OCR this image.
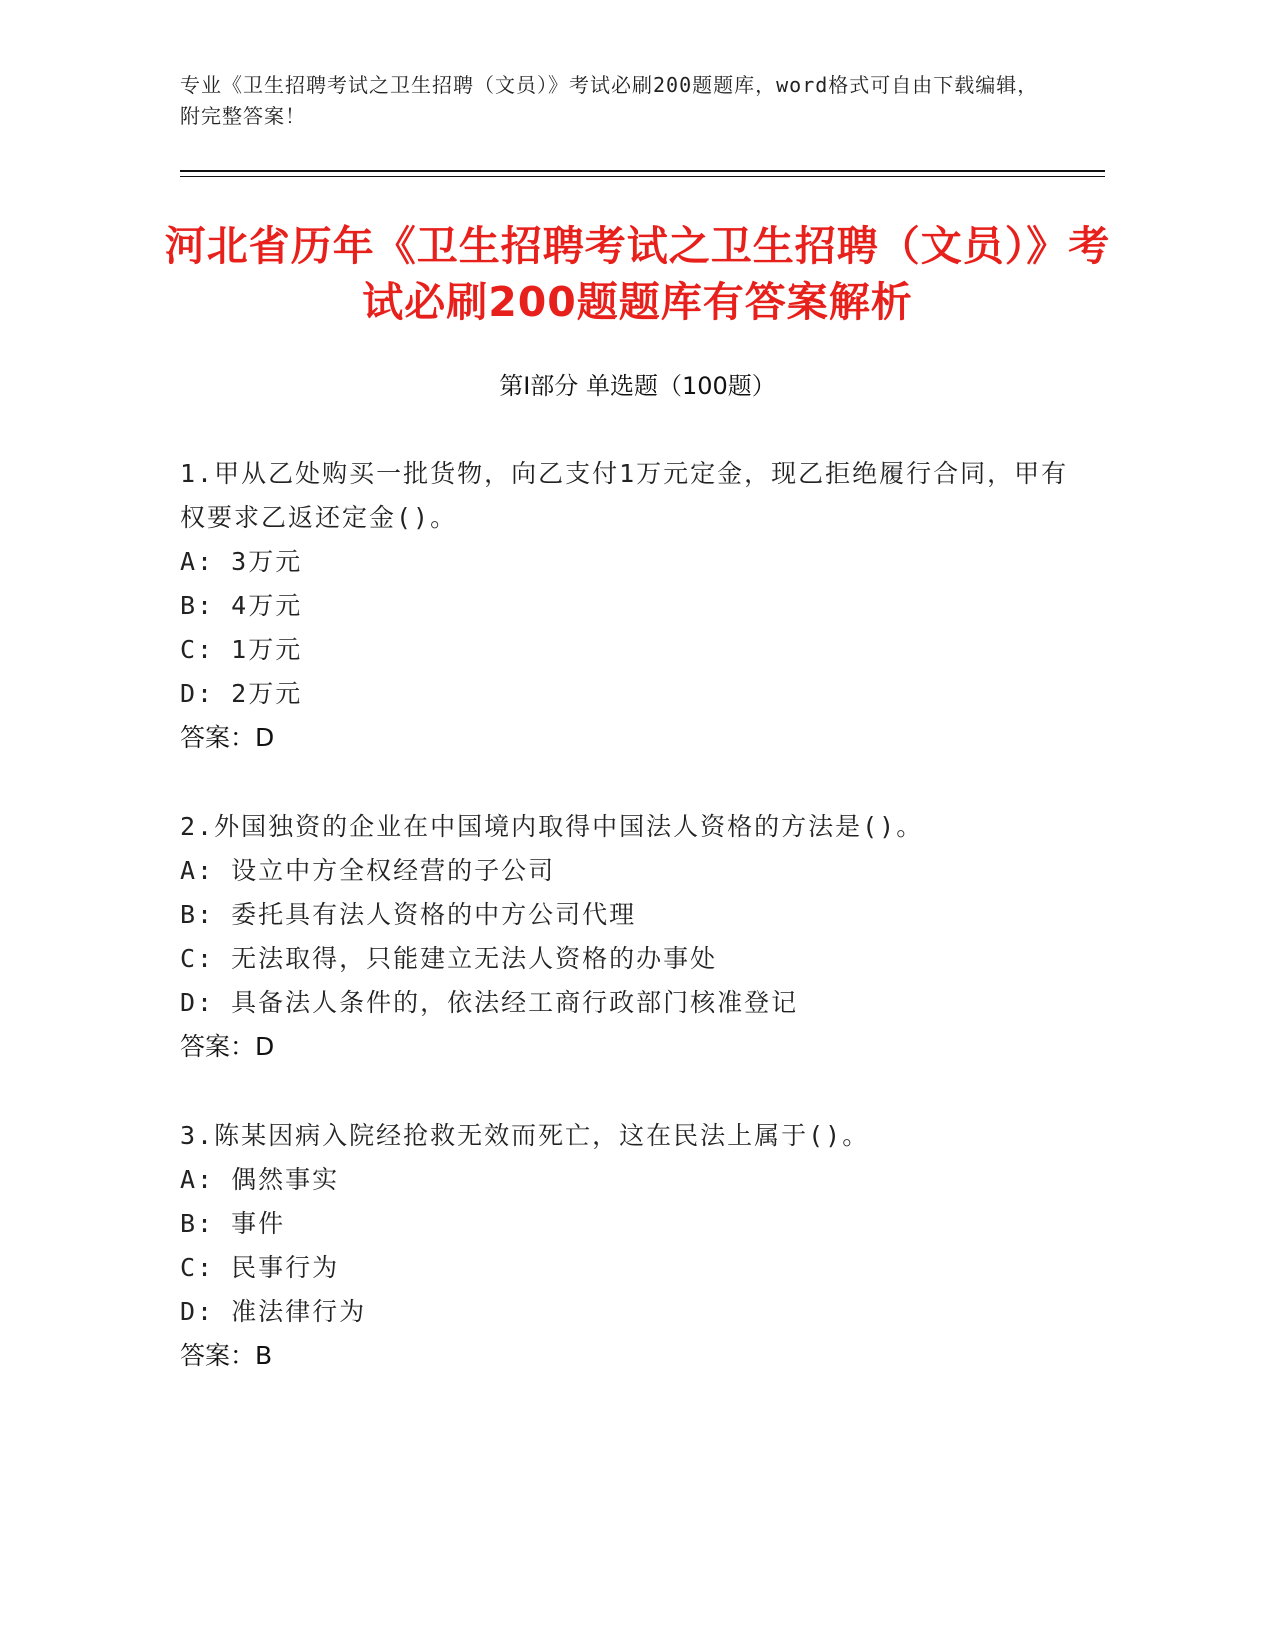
专业《卫生招聘考试之卫生招聘（文员）》考试必刷200题题库，word格式可自由下载编辑，附完整答案！
河北省历年《卫生招聘考试之卫生招聘（文员）》考试必刷200题题库有答案解析
第I部分 单选题（100题）
1.甲从乙处购买一批货物，向乙支付1万元定金，现乙拒绝履行合同，甲有权要求乙返还定金()。
A: 3万元
B: 4万元
C: 1万元
D: 2万元
答案：D
2.外国独资的企业在中国境内取得中国法人资格的方法是()。
A: 设立中方全权经营的子公司
B: 委托具有法人资格的中方公司代理
C: 无法取得，只能建立无法人资格的办事处
D: 具备法人条件的，依法经工商行政部门核准登记
答案：D
3.陈某因病入院经抢救无效而死亡，这在民法上属于()。
A: 偶然事实
B: 事件
C: 民事行为
D: 准法律行为
答案：B
